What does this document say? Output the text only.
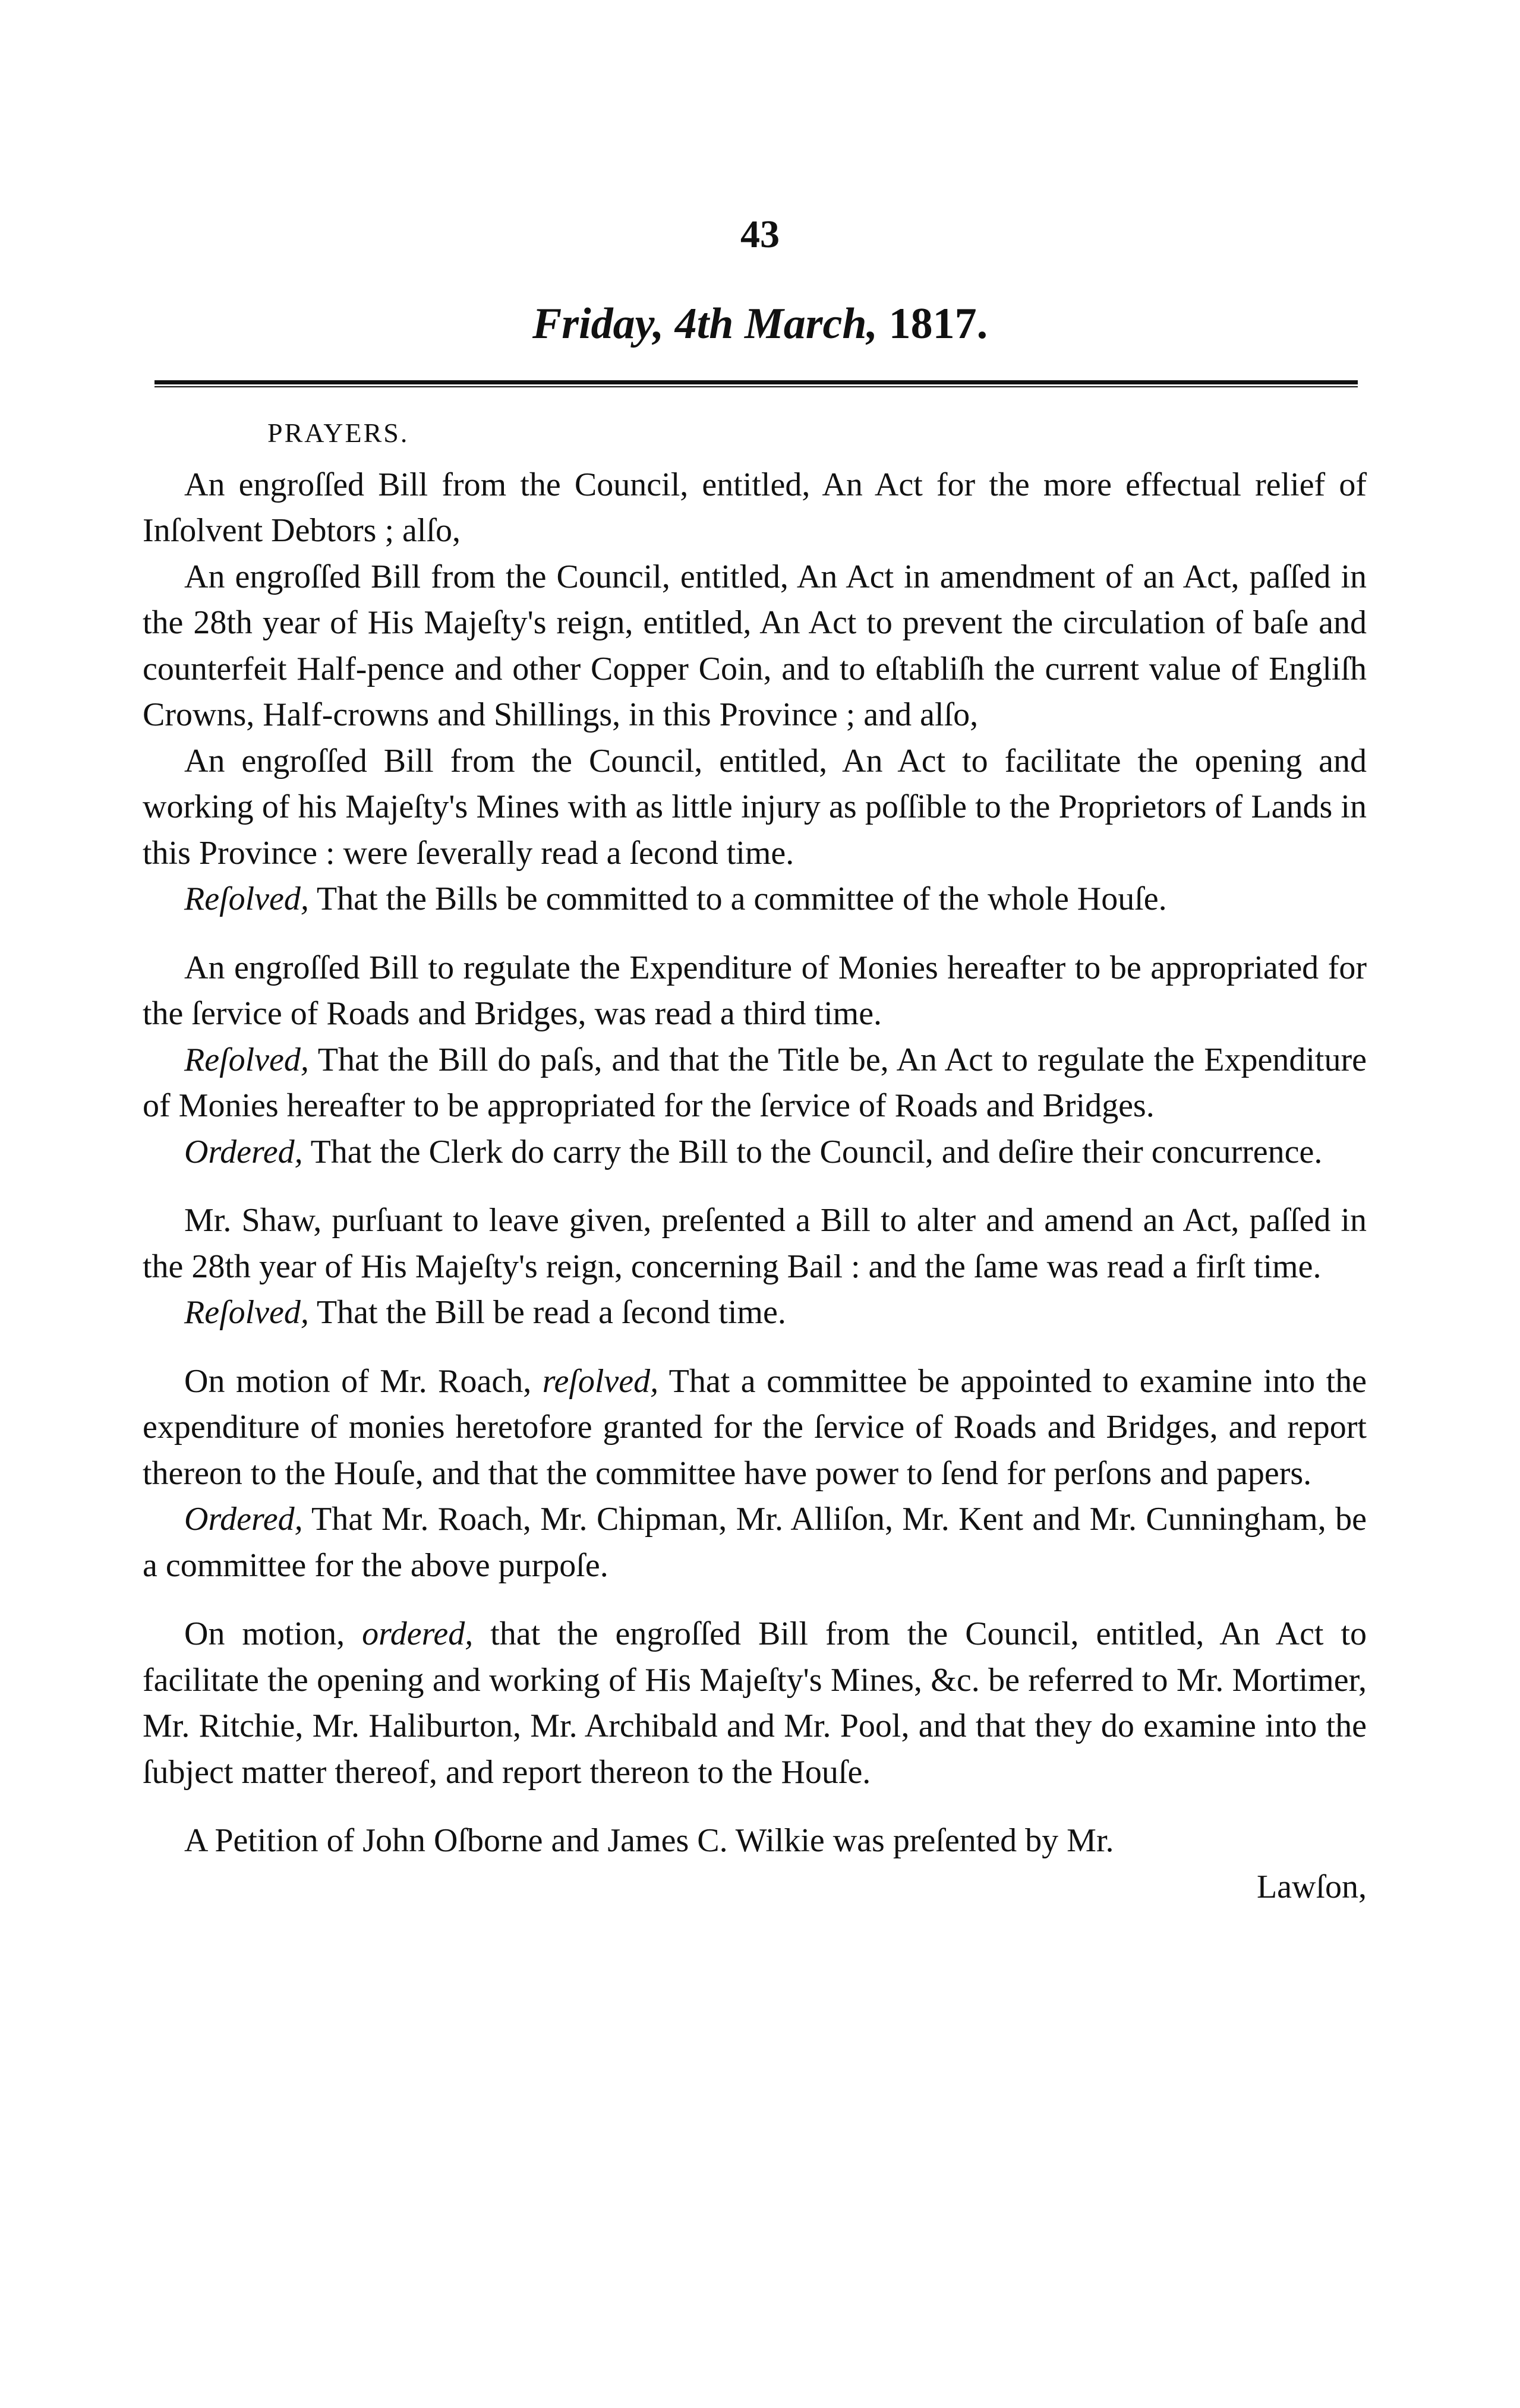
43
Friday, 4th March, 1817.

PRAYERS.

An engroſſed Bill from the Council, entitled, An Act for the more effectual relief of Inſolvent Debtors ; alſo,

An engroſſed Bill from the Council, entitled, An Act in amendment of an Act, paſſed in the 28th year of His Majeſty's reign, entitled, An Act to prevent the circulation of baſe and counterfeit Half-pence and other Copper Coin, and to eſtabliſh the current value of Engliſh Crowns, Half-crowns and Shillings, in this Province ; and alſo,

An engroſſed Bill from the Council, entitled, An Act to facilitate the opening and working of his Majeſty's Mines with as little injury as poſſible to the Proprietors of Lands in this Province : were ſeverally read a ſecond time.

Reſolved, That the Bills be committed to a committee of the whole Houſe.

An engroſſed Bill to regulate the Expenditure of Monies hereafter to be appropriated for the ſervice of Roads and Bridges, was read a third time.

Reſolved, That the Bill do paſs, and that the Title be, An Act to regulate the Expenditure of Monies hereafter to be appropriated for the ſervice of Roads and Bridges.

Ordered, That the Clerk do carry the Bill to the Council, and deſire their concurrence.

Mr. Shaw, purſuant to leave given, preſented a Bill to alter and amend an Act, paſſed in the 28th year of His Majeſty's reign, concerning Bail : and the ſame was read a firſt time.

Reſolved, That the Bill be read a ſecond time.

On motion of Mr. Roach, reſolved, That a committee be appointed to examine into the expenditure of monies heretofore granted for the ſervice of Roads and Bridges, and report thereon to the Houſe, and that the committee have power to ſend for perſons and papers.

Ordered, That Mr. Roach, Mr. Chipman, Mr. Alliſon, Mr. Kent and Mr. Cunningham, be a committee for the above purpoſe.

On motion, ordered, that the engroſſed Bill from the Council, entitled, An Act to facilitate the opening and working of His Majeſty's Mines, &c. be referred to Mr. Mortimer, Mr. Ritchie, Mr. Haliburton, Mr. Archibald and Mr. Pool, and that they do examine into the ſubject matter thereof, and report thereon to the Houſe.

A Petition of John Oſborne and James C. Wilkie was preſented by Mr.

Lawſon,
